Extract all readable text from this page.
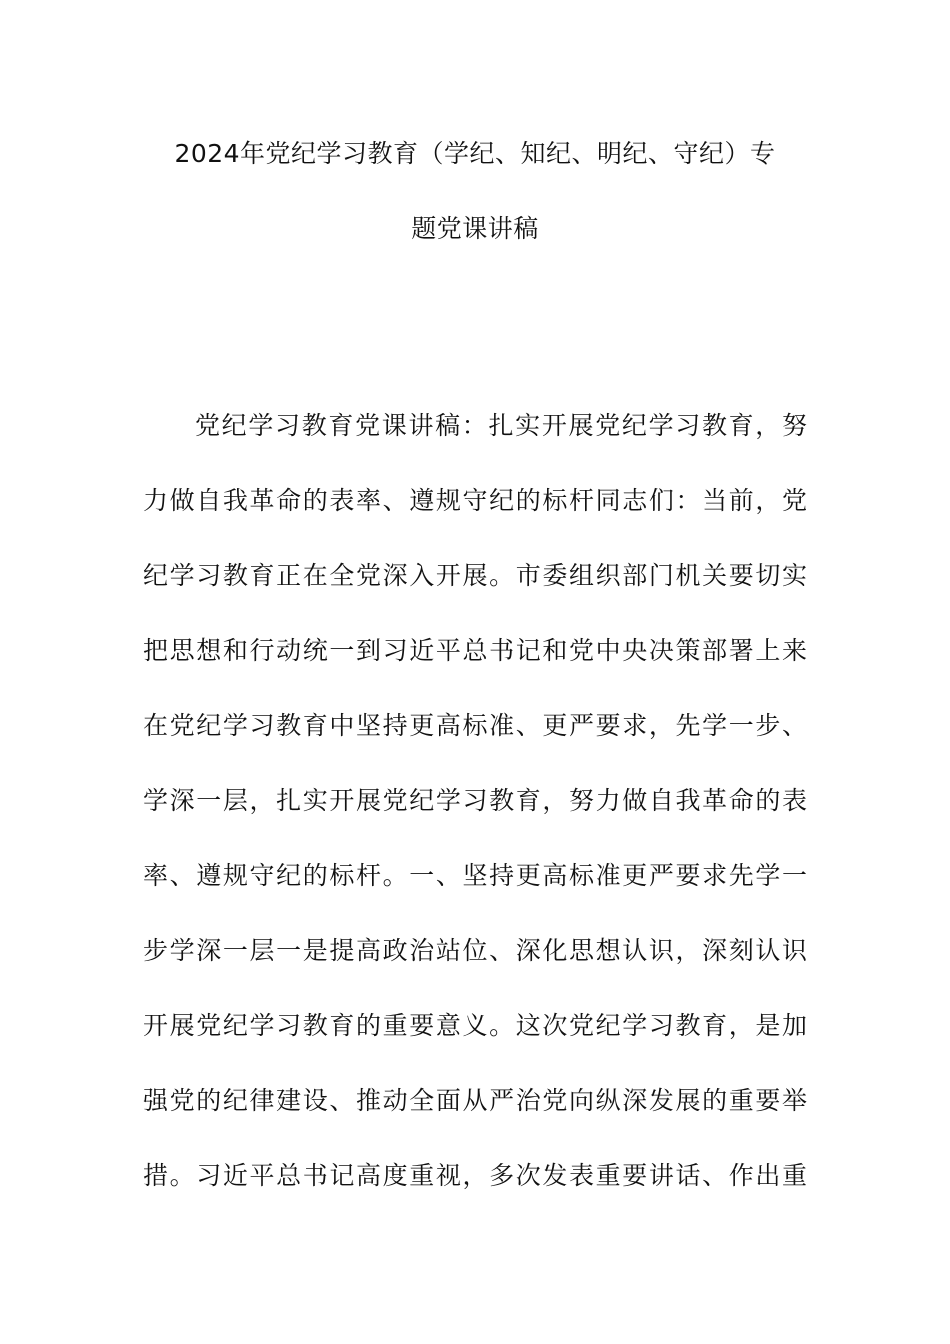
2024年党纪学习教育（学纪、知纪、明纪、守纪）专
题党课讲稿
党纪学习教育党课讲稿：扎实开展党纪学习教育，努
力做自我革命的表率、遵规守纪的标杆同志们：当前，党
纪学习教育正在全党深入开展。市委组织部门机关要切实
把思想和行动统一到习近平总书记和党中央决策部署上来
在党纪学习教育中坚持更高标准、更严要求，先学一步、
学深一层，扎实开展党纪学习教育，努力做自我革命的表
率、遵规守纪的标杆。一、坚持更高标准更严要求先学一
步学深一层一是提高政治站位、深化思想认识，深刻认识
开展党纪学习教育的重要意义。这次党纪学习教育，是加
强党的纪律建设、推动全面从严治党向纵深发展的重要举
措。习近平总书记高度重视，多次发表重要讲话、作出重
